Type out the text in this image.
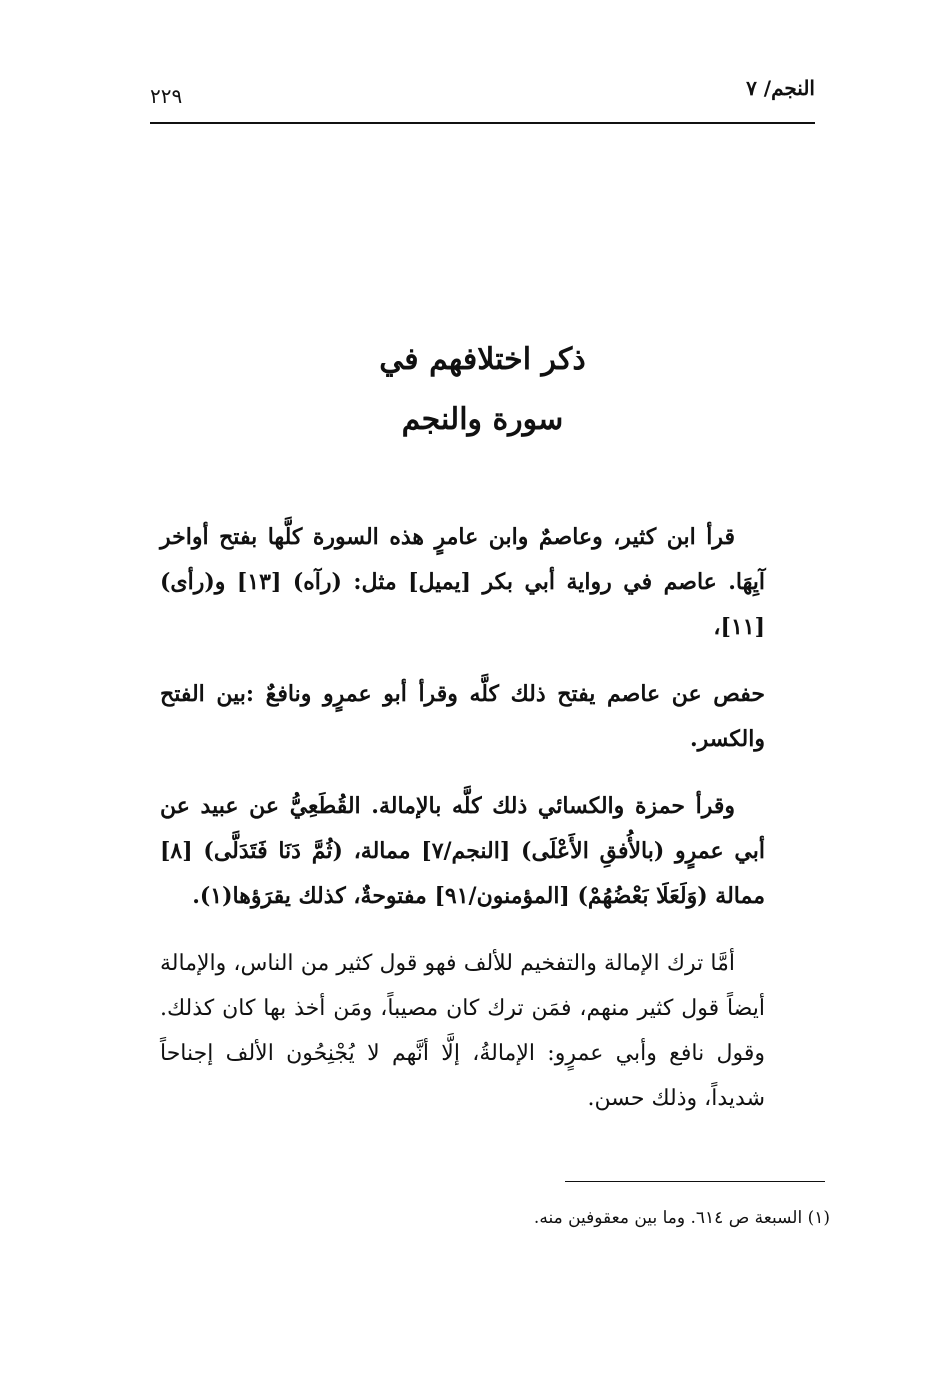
النجم/ ٧
٢٢٩
ذكر اختلافهم في
سورة والنجم

قرأ ابن كثير، وعاصمٌ وابن عامرٍ هذه السورة كلَّها بفتح أواخر آيِهَا. عاصم في رواية أبي بكر [يميل] مثل: (رآه) [١٣] و(رأى) [١١]،

حفص عن عاصم يفتح ذلك كلَّه وقرأ أبو عمرٍو ونافعٌ :بين الفتح والكسر.

وقرأ حمزة والكسائي ذلك كلَّه بالإمالة. القُطَعِيُّ عن عبيد عن أبي عمرٍو (بالأُفقِ الأَعْلَى) [النجم/٧] ممالة، (ثُمَّ دَنَا فَتَدَلَّى) [٨] ممالة (وَلَعَلَا بَعْضُهُمْ) [المؤمنون/٩١] مفتوحةٌ، كذلك يقرَؤها(١).

أمَّا ترك الإمالة والتفخيم للألف فهو قول كثير من الناس، والإمالة أيضاً قول كثير منهم، فمَن ترك كان مصيباً، ومَن أخذ بها كان كذلك. وقول نافع وأبي عمرٍو: الإمالةُ، إلَّا أنَّهم لا يُجْنِحُون الألف إجناحاً شديداً، وذلك حسن.

(١) السبعة ص ٦١٤. وما بين معقوفين منه.
